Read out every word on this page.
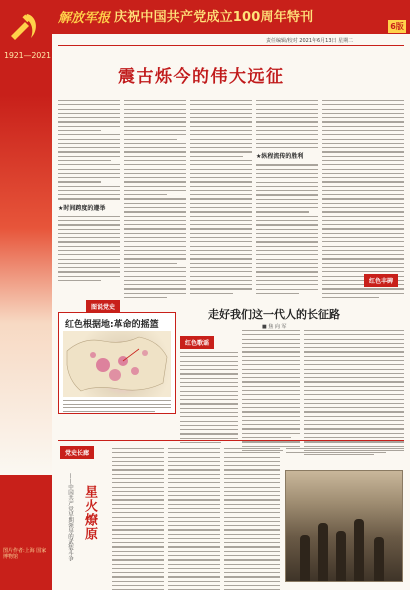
1921—2021
图片作者:上海 国家博物馆
解放军报 庆祝中国共产党成立100周年特刊
6版
责任编辑/校对 2021年6月13日 星期二
震古烁今的伟大远征
★时间跨度的遵举
★纵程流传的胜利
红色丰碑
图说党史
红色根据地:革命的摇篮
红色歌谣
走好我们这一代人的长征路
■ 焦 向 军
党史长廊
——中国共产党早期领导的武装斗争 星火燎原
